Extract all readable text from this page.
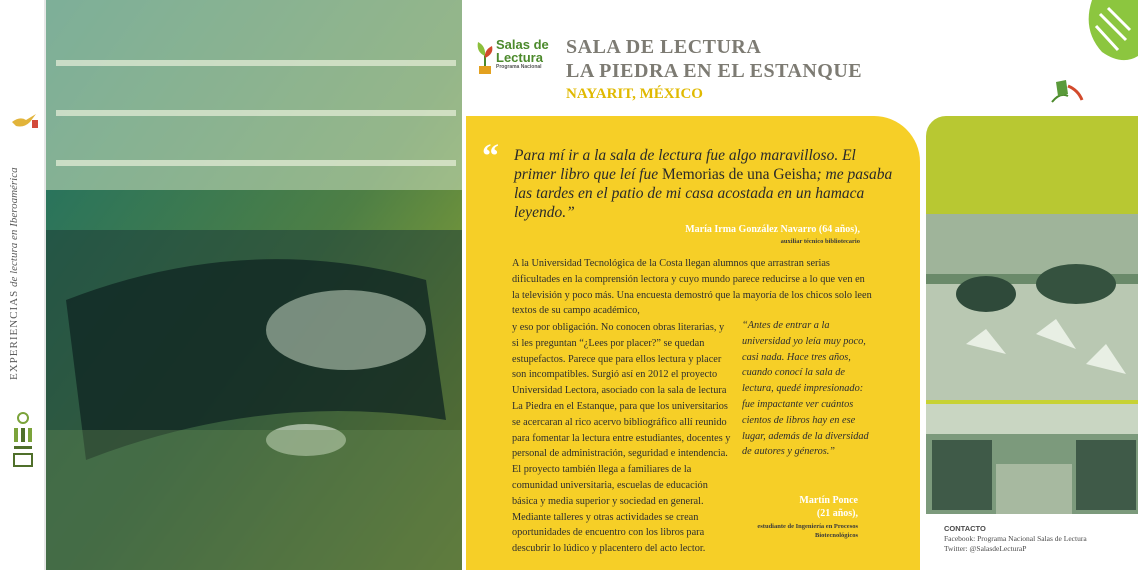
EXPERIENCIAS de lectura en Iberoamérica
Salas de
Lectura
Programa Nacional
SALA DE LECTURA
LA PIEDRA EN EL ESTANQUE
NAYARIT, MÉXICO
“ Para mí ir a la sala de lectura fue algo maravilloso. El primer libro que leí fue Memorias de una Geisha; me pasaba las tardes en el patio de mi casa acostada en un hamaca leyendo.”
María Irma González Navarro (64 años),
auxiliar técnico bibliotecario
A la Universidad Tecnológica de la Costa llegan alumnos que arrastran serias dificultades en la comprensión lectora y cuyo mundo parece reducirse a lo que ven en la televisión y poco más. Una encuesta demostró que la mayoría de los chicos solo leen textos de su campo académico,
y eso por obligación. No conocen obras literarias, y si les preguntan “¿Lees por placer?” se quedan estupefactos. Parece que para ellos lectura y placer son incompatibles. Surgió así en 2012 el proyecto Universidad Lectora, asociado con la sala de lectura La Piedra en el Estanque, para que los universitarios se acercaran al rico acervo bibliográfico allí reunido para fomentar la lectura entre estudiantes, docentes y personal de administración, seguridad e intendencia. El proyecto también llega a familiares de la comunidad universitaria, escuelas de educación básica y media superior y sociedad en general. Mediante talleres y otras actividades se crean oportunidades de encuentro con los libros para descubrir lo lúdico y placentero del acto lector.
“Antes de entrar a la universidad yo leía muy poco, casi nada. Hace tres años, cuando conocí la sala de lectura, quedé impresionado: fue impactante ver cuántos cientos de libros hay en ese lugar, además de la diversidad de autores y géneros.”
Martín Ponce
(21 años),
estudiante de Ingeniería en Procesos Biotecnológicos
CONTACTO
Facebook: Programa Nacional Salas de Lectura
Twitter: @SalasdeLecturaP
